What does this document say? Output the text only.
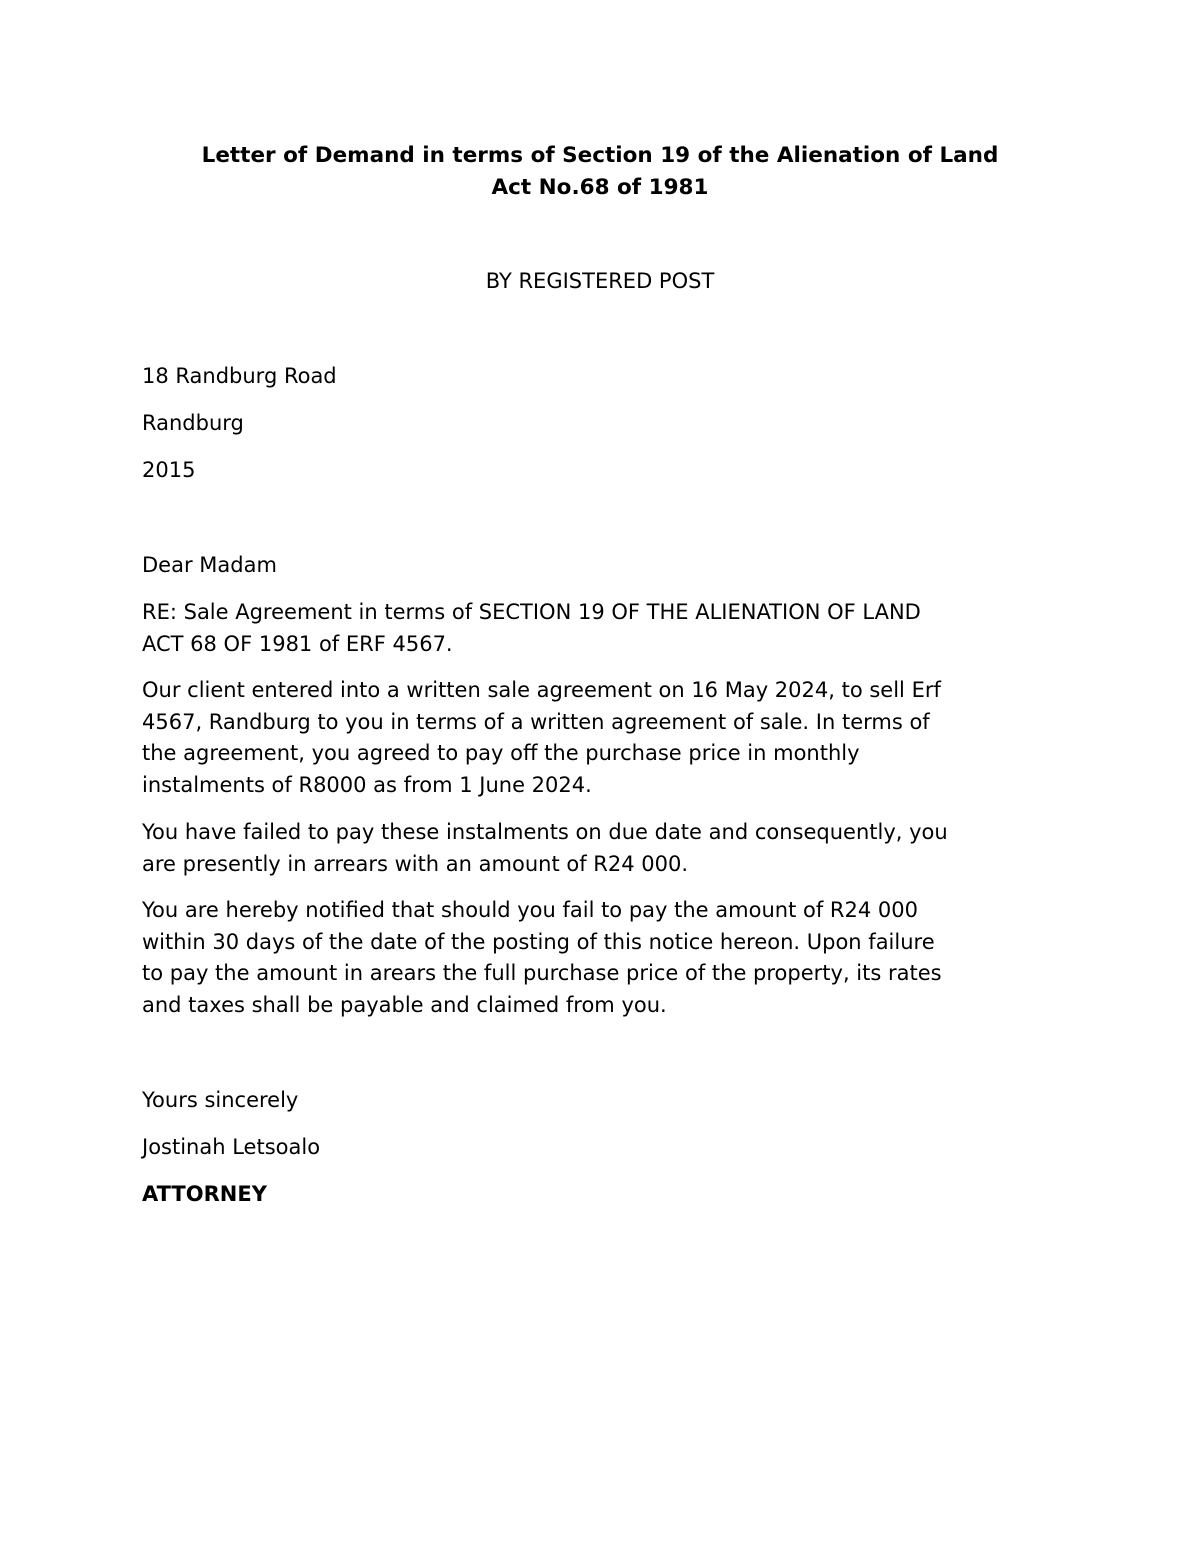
Letter of Demand in terms of Section 19 of the Alienation of Land
Act No.68 of 1981
BY REGISTERED POST
18 Randburg Road
Randburg
2015
Dear Madam
RE: Sale Agreement in terms of SECTION 19 OF THE ALIENATION OF LAND
ACT 68 OF 1981 of ERF 4567.
Our client entered into a written sale agreement on 16 May 2024, to sell Erf
4567, Randburg to you in terms of a written agreement of sale. In terms of
the agreement, you agreed to pay off the purchase price in monthly
instalments of R8000 as from 1 June 2024.
You have failed to pay these instalments on due date and consequently, you
are presently in arrears with an amount of R24 000.
You are hereby notified that should you fail to pay the amount of R24 000
within 30 days of the date of the posting of this notice hereon. Upon failure
to pay the amount in arears the full purchase price of the property, its rates
and taxes shall be payable and claimed from you.
Yours sincerely
Jostinah Letsoalo
ATTORNEY
